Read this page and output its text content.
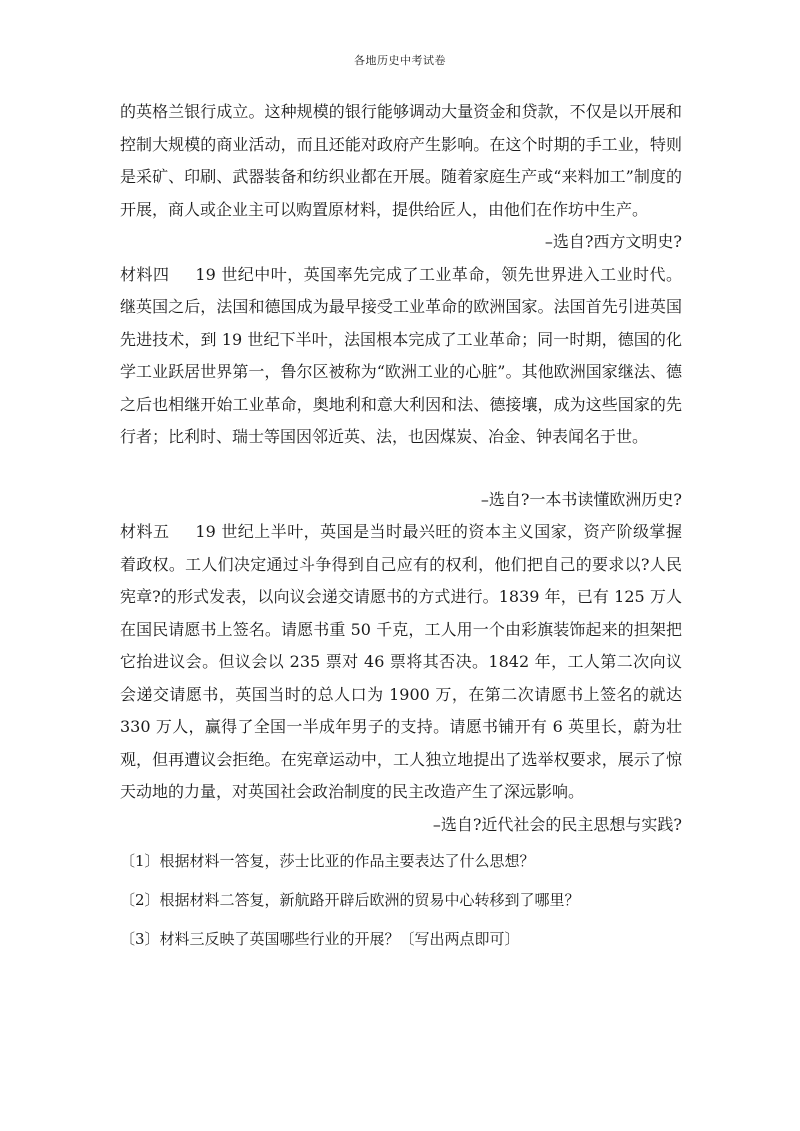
各地历史中考试卷

的英格兰银行成立。这种规模的银行能够调动大量资金和贷款，不仅是以开展和控制大规模的商业活动，而且还能对政府产生影响。在这个时期的手工业，特则是采矿、印刷、武器装备和纺织业都在开展。随着家庭生产或“来料加工”制度的开展，商人或企业主可以购置原材料，提供给匠人，由他们在作坊中生产。

–选自?西方文明史?

材料四 19 世纪中叶，英国率先完成了工业革命，领先世界进入工业时代。继英国之后，法国和德国成为最早接受工业革命的欧洲国家。法国首先引进英国先进技术，到 19 世纪下半叶，法国根本完成了工业革命；同一时期，德国的化学工业跃居世界第一，鲁尔区被称为“欧洲工业的心脏”。其他欧洲国家继法、德之后也相继开始工业革命，奥地利和意大利因和法、德接壤，成为这些国家的先行者；比利时、瑞士等国因邻近英、法，也因煤炭、冶金、钟表闻名于世。

–选自?一本书读懂欧洲历史?

材料五 19 世纪上半叶，英国是当时最兴旺的资本主义国家，资产阶级掌握着政权。工人们决定通过斗争得到自己应有的权利，他们把自己的要求以?人民宪章?的形式发表，以向议会递交请愿书的方式进行。1839 年，已有 125 万人在国民请愿书上签名。请愿书重 50 千克，工人用一个由彩旗装饰起来的担架把它抬进议会。但议会以 235 票对 46 票将其否决。1842 年，工人第二次向议会递交请愿书，英国当时的总人口为 1900 万，在第二次请愿书上签名的就达 330 万人，赢得了全国一半成年男子的支持。请愿书铺开有 6 英里长，蔚为壮观，但再遭议会拒绝。在宪章运动中，工人独立地提出了选举权要求，展示了惊天动地的力量，对英国社会政治制度的民主改造产生了深远影响。

–选自?近代社会的民主思想与实践?

〔1〕根据材料一答复，莎士比亚的作品主要表达了什么思想？

〔2〕根据材料二答复，新航路开辟后欧洲的贸易中心转移到了哪里？

〔3〕材料三反映了英国哪些行业的开展？〔写出两点即可〕
